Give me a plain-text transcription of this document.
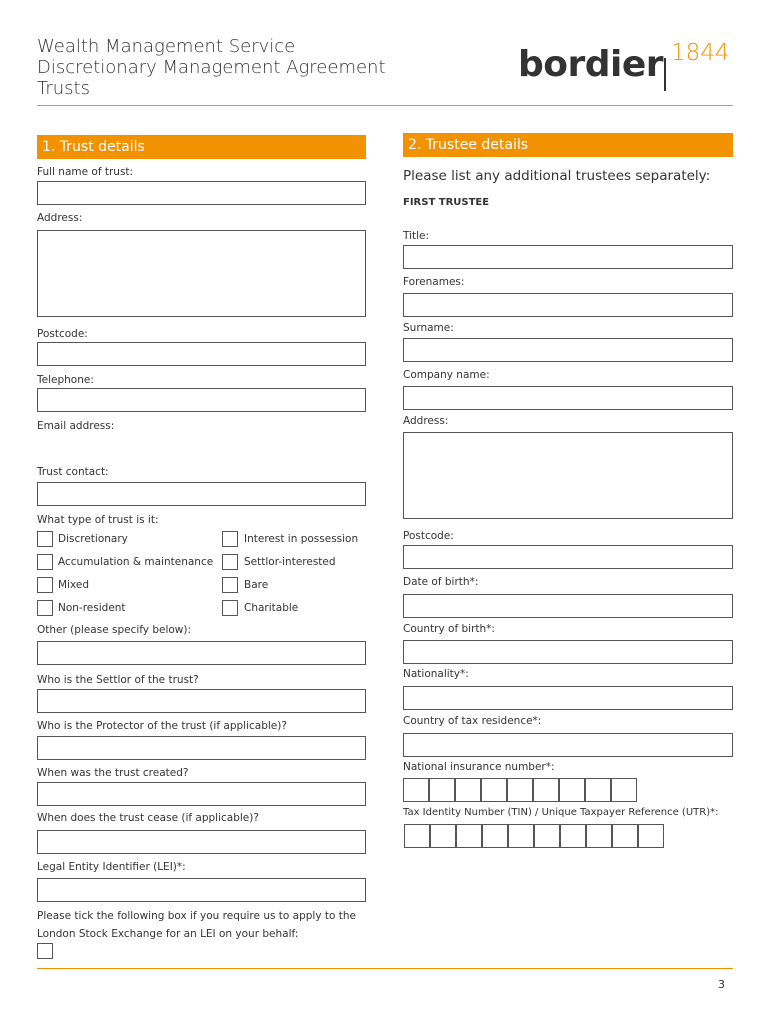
Wealth Management Service
Discretionary Management Agreement
Trusts
bordier 1844
1. Trust details
Full name of trust:
Address:
Postcode:
Telephone:
Email address:
Trust contact:
What type of trust is it:
Discretionary	Interest in possession
Accumulation & maintenance	Settlor-interested
Mixed	Bare
Non-resident	Charitable
Other (please specify below):
Who is the Settlor of the trust?
Who is the Protector of the trust (if applicable)?
When was the trust created?
When does the trust cease (if applicable)?
Legal Entity Identifier (LEI)*:
Please tick the following box if you require us to apply to the
London Stock Exchange for an LEI on your behalf:
2. Trustee details
Please list any additional trustees separately:
FIRST TRUSTEE
Title:
Forenames:
Surname:
Company name:
Address:
Postcode:
Date of birth*:
Country of birth*:
Nationality*:
Country of tax residence*:
National insurance number*:
Tax Identity Number (TIN) / Unique Taxpayer Reference (UTR)*:
3
